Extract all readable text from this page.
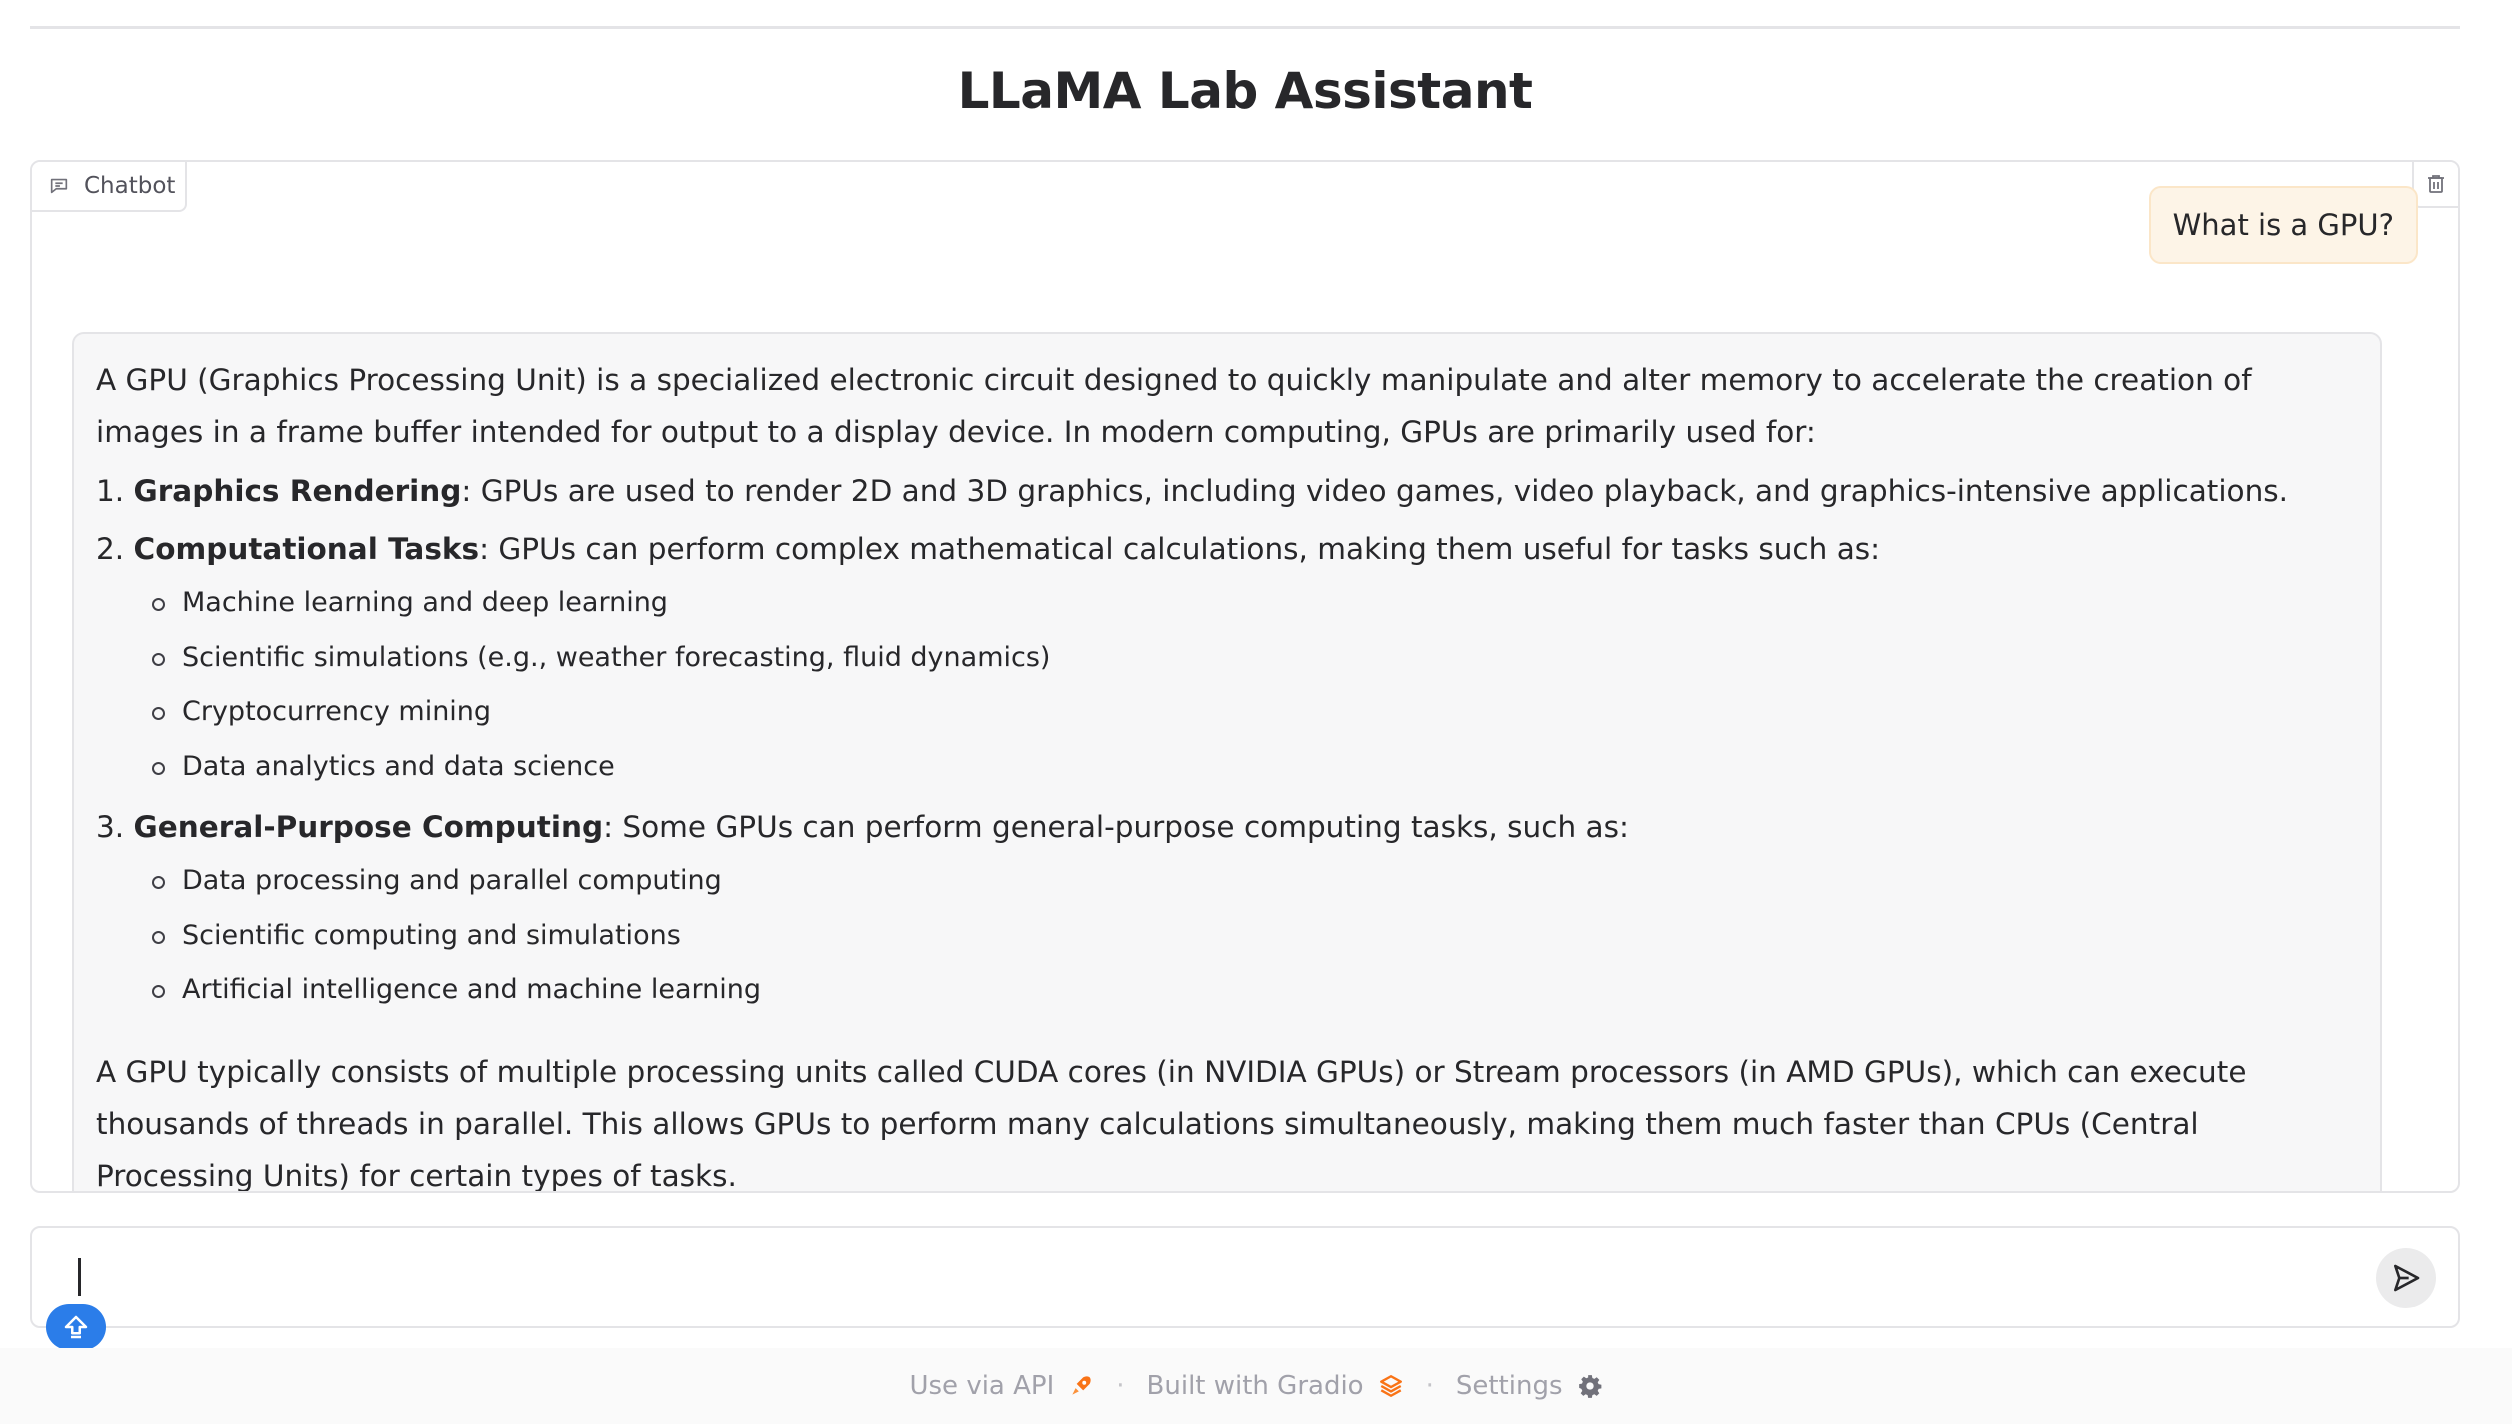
LLaMA Lab Assistant
Chatbot
What is a GPU?

A GPU (Graphics Processing Unit) is a specialized electronic circuit designed to quickly manipulate and alter memory to accelerate the creation of images in a frame buffer intended for output to a display device. In modern computing, GPUs are primarily used for:

1. Graphics Rendering: GPUs are used to render 2D and 3D graphics, including video games, video playback, and graphics-intensive applications.
2. Computational Tasks: GPUs can perform complex mathematical calculations, making them useful for tasks such as:
Machine learning and deep learning
Scientific simulations (e.g., weather forecasting, fluid dynamics)
Cryptocurrency mining
Data analytics and data science
3. General-Purpose Computing: Some GPUs can perform general-purpose computing tasks, such as:
Data processing and parallel computing
Scientific computing and simulations
Artificial intelligence and machine learning

A GPU typically consists of multiple processing units called CUDA cores (in NVIDIA GPUs) or Stream processors (in AMD GPUs), which can execute thousands of threads in parallel. This allows GPUs to perform many calculations simultaneously, making them much faster than CPUs (Central Processing Units) for certain types of tasks.

Use via API · Built with Gradio · Settings
